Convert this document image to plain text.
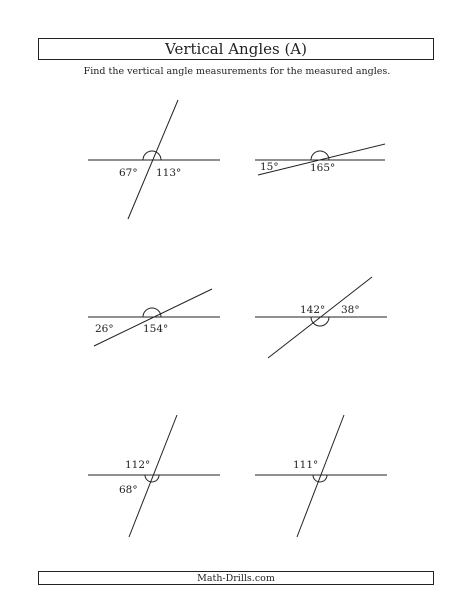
Vertical Angles (A)
Find the vertical angle measurements for the measured angles.
67° 113°	15°	165°
26°	154°
142° 38°
112°
68°
111°
Math-Drills.com
